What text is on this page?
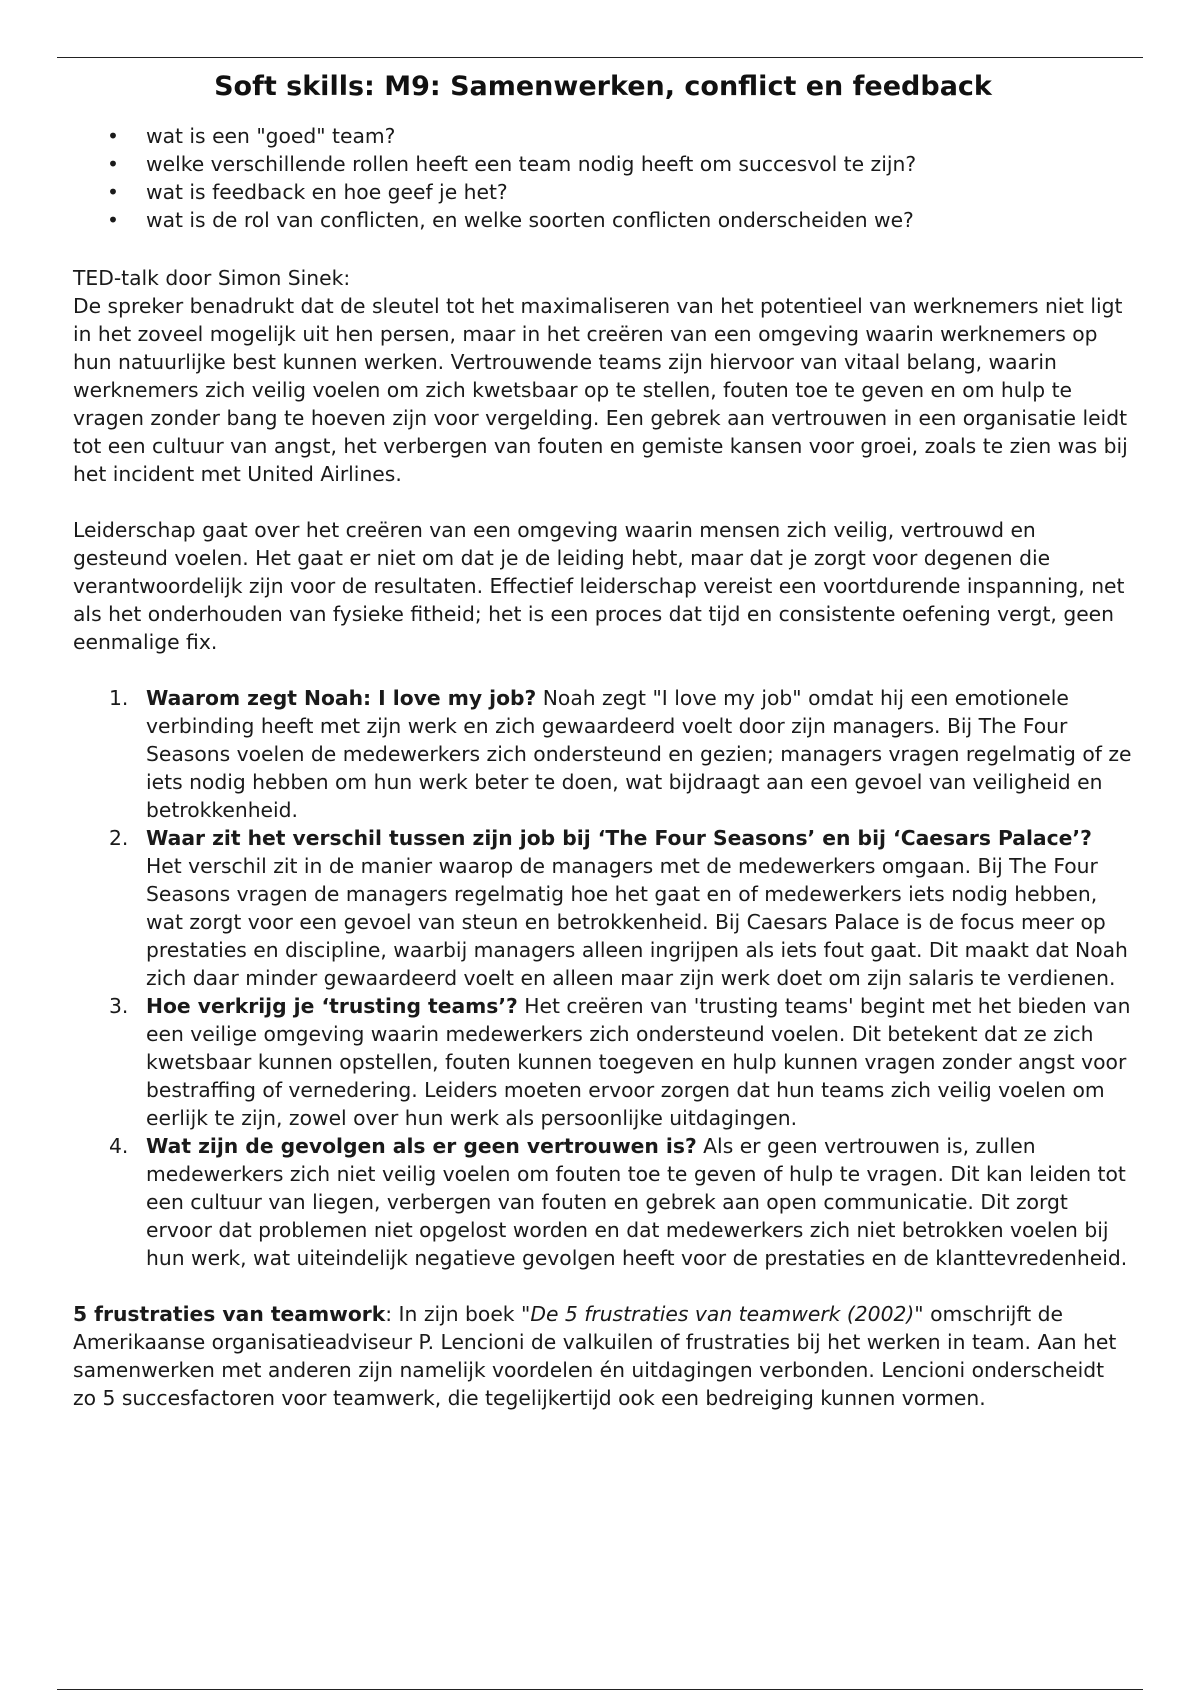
Soft skills: M9: Samenwerken, conflict en feedback
• wat is een "goed" team?
• welke verschillende rollen heeft een team nodig heeft om succesvol te zijn?
• wat is feedback en hoe geef je het?
• wat is de rol van conflicten, en welke soorten conflicten onderscheiden we?

TED-talk door Simon Sinek:

De spreker benadrukt dat de sleutel tot het maximaliseren van het potentieel van werknemers niet ligt in het zoveel mogelijk uit hen persen, maar in het creëren van een omgeving waarin werknemers op hun natuurlijke best kunnen werken. Vertrouwende teams zijn hiervoor van vitaal belang, waarin werknemers zich veilig voelen om zich kwetsbaar op te stellen, fouten toe te geven en om hulp te vragen zonder bang te hoeven zijn voor vergelding. Een gebrek aan vertrouwen in een organisatie leidt tot een cultuur van angst, het verbergen van fouten en gemiste kansen voor groei, zoals te zien was bij het incident met United Airlines.

Leiderschap gaat over het creëren van een omgeving waarin mensen zich veilig, vertrouwd en gesteund voelen. Het gaat er niet om dat je de leiding hebt, maar dat je zorgt voor degenen die verantwoordelijk zijn voor de resultaten. Effectief leiderschap vereist een voortdurende inspanning, net als het onderhouden van fysieke fitheid; het is een proces dat tijd en consistente oefening vergt, geen eenmalige fix.

1. Waarom zegt Noah: I love my job? Noah zegt "I love my job" omdat hij een emotionele verbinding heeft met zijn werk en zich gewaardeerd voelt door zijn managers. Bij The Four Seasons voelen de medewerkers zich ondersteund en gezien; managers vragen regelmatig of ze iets nodig hebben om hun werk beter te doen, wat bijdraagt aan een gevoel van veiligheid en betrokkenheid.
2. Waar zit het verschil tussen zijn job bij ‘The Four Seasons’ en bij ‘Caesars Palace’? Het verschil zit in de manier waarop de managers met de medewerkers omgaan. Bij The Four Seasons vragen de managers regelmatig hoe het gaat en of medewerkers iets nodig hebben, wat zorgt voor een gevoel van steun en betrokkenheid. Bij Caesars Palace is de focus meer op prestaties en discipline, waarbij managers alleen ingrijpen als iets fout gaat. Dit maakt dat Noah zich daar minder gewaardeerd voelt en alleen maar zijn werk doet om zijn salaris te verdienen.
3. Hoe verkrijg je ‘trusting teams’? Het creëren van 'trusting teams' begint met het bieden van een veilige omgeving waarin medewerkers zich ondersteund voelen. Dit betekent dat ze zich kwetsbaar kunnen opstellen, fouten kunnen toegeven en hulp kunnen vragen zonder angst voor bestraffing of vernedering. Leiders moeten ervoor zorgen dat hun teams zich veilig voelen om eerlijk te zijn, zowel over hun werk als persoonlijke uitdagingen.
4. Wat zijn de gevolgen als er geen vertrouwen is? Als er geen vertrouwen is, zullen medewerkers zich niet veilig voelen om fouten toe te geven of hulp te vragen. Dit kan leiden tot een cultuur van liegen, verbergen van fouten en gebrek aan open communicatie. Dit zorgt ervoor dat problemen niet opgelost worden en dat medewerkers zich niet betrokken voelen bij hun werk, wat uiteindelijk negatieve gevolgen heeft voor de prestaties en de klanttevredenheid.

5 frustraties van teamwork: In zijn boek "De 5 frustraties van teamwerk (2002)" omschrijft de Amerikaanse organisatieadviseur P. Lencioni de valkuilen of frustraties bij het werken in team. Aan het samenwerken met anderen zijn namelijk voordelen én uitdagingen verbonden. Lencioni onderscheidt zo 5 succesfactoren voor teamwerk, die tegelijkertijd ook een bedreiging kunnen vormen.
